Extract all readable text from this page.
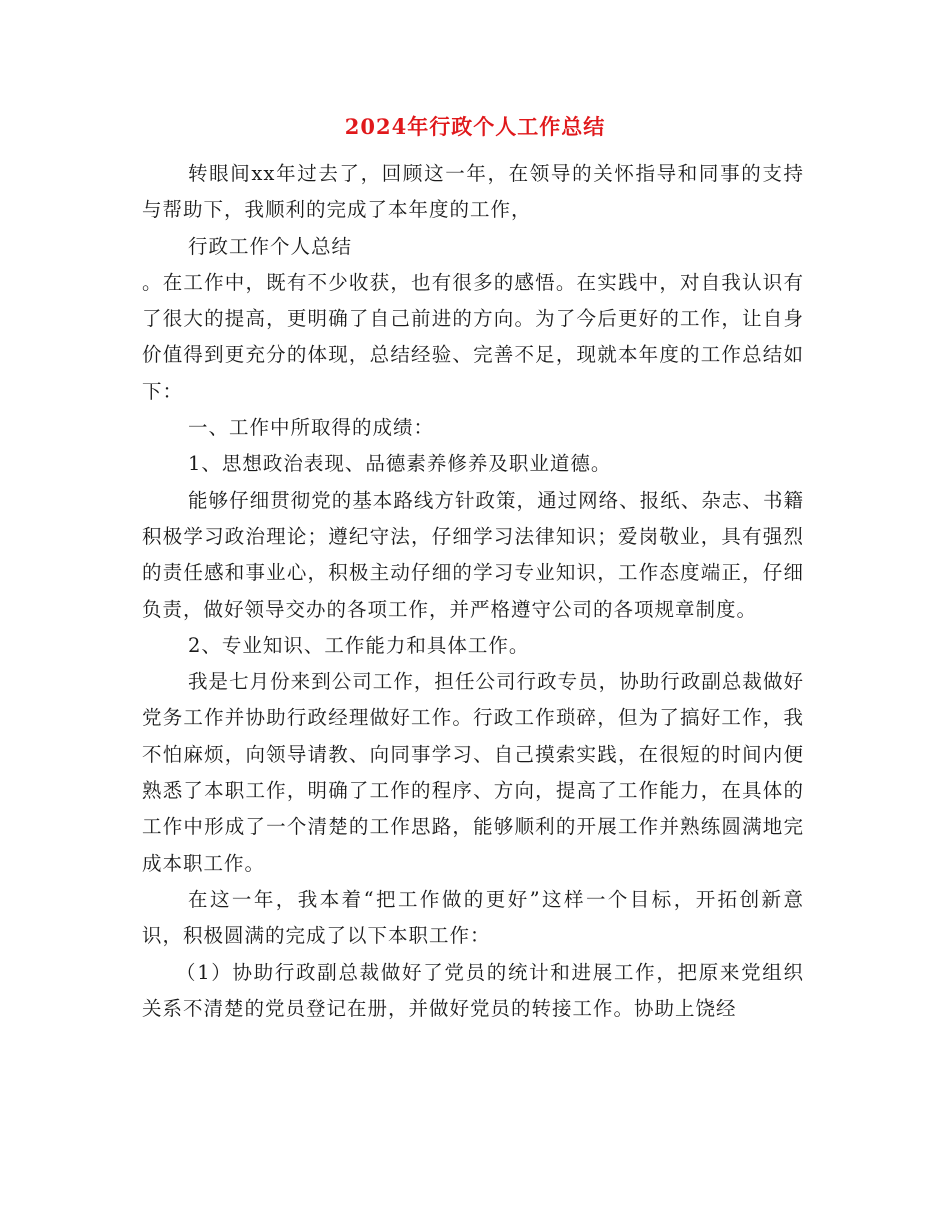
2024年行政个人工作总结

转眼间xx年过去了，回顾这一年，在领导的关怀指导和同事的支持与帮助下，我顺利的完成了本年度的工作，

行政工作个人总结

。在工作中，既有不少收获，也有很多的感悟。在实践中，对自我认识有了很大的提高，更明确了自己前进的方向。为了今后更好的工作，让自身价值得到更充分的体现，总结经验、完善不足，现就本年度的工作总结如下：

一、工作中所取得的成绩：

1、思想政治表现、品德素养修养及职业道德。

能够仔细贯彻党的基本路线方针政策，通过网络、报纸、杂志、书籍积极学习政治理论；遵纪守法，仔细学习法律知识；爱岗敬业，具有强烈的责任感和事业心，积极主动仔细的学习专业知识，工作态度端正，仔细负责，做好领导交办的各项工作，并严格遵守公司的各项规章制度。

2、专业知识、工作能力和具体工作。

我是七月份来到公司工作，担任公司行政专员，协助行政副总裁做好党务工作并协助行政经理做好工作。行政工作琐碎，但为了搞好工作，我不怕麻烦，向领导请教、向同事学习、自己摸索实践，在很短的时间内便熟悉了本职工作，明确了工作的程序、方向，提高了工作能力，在具体的工作中形成了一个清楚的工作思路，能够顺利的开展工作并熟练圆满地完成本职工作。

在这一年，我本着“把工作做的更好”这样一个目标，开拓创新意识，积极圆满的完成了以下本职工作：

（1）协助行政副总裁做好了党员的统计和进展工作，把原来党组织关系不清楚的党员登记在册，并做好党员的转接工作。协助上饶经
